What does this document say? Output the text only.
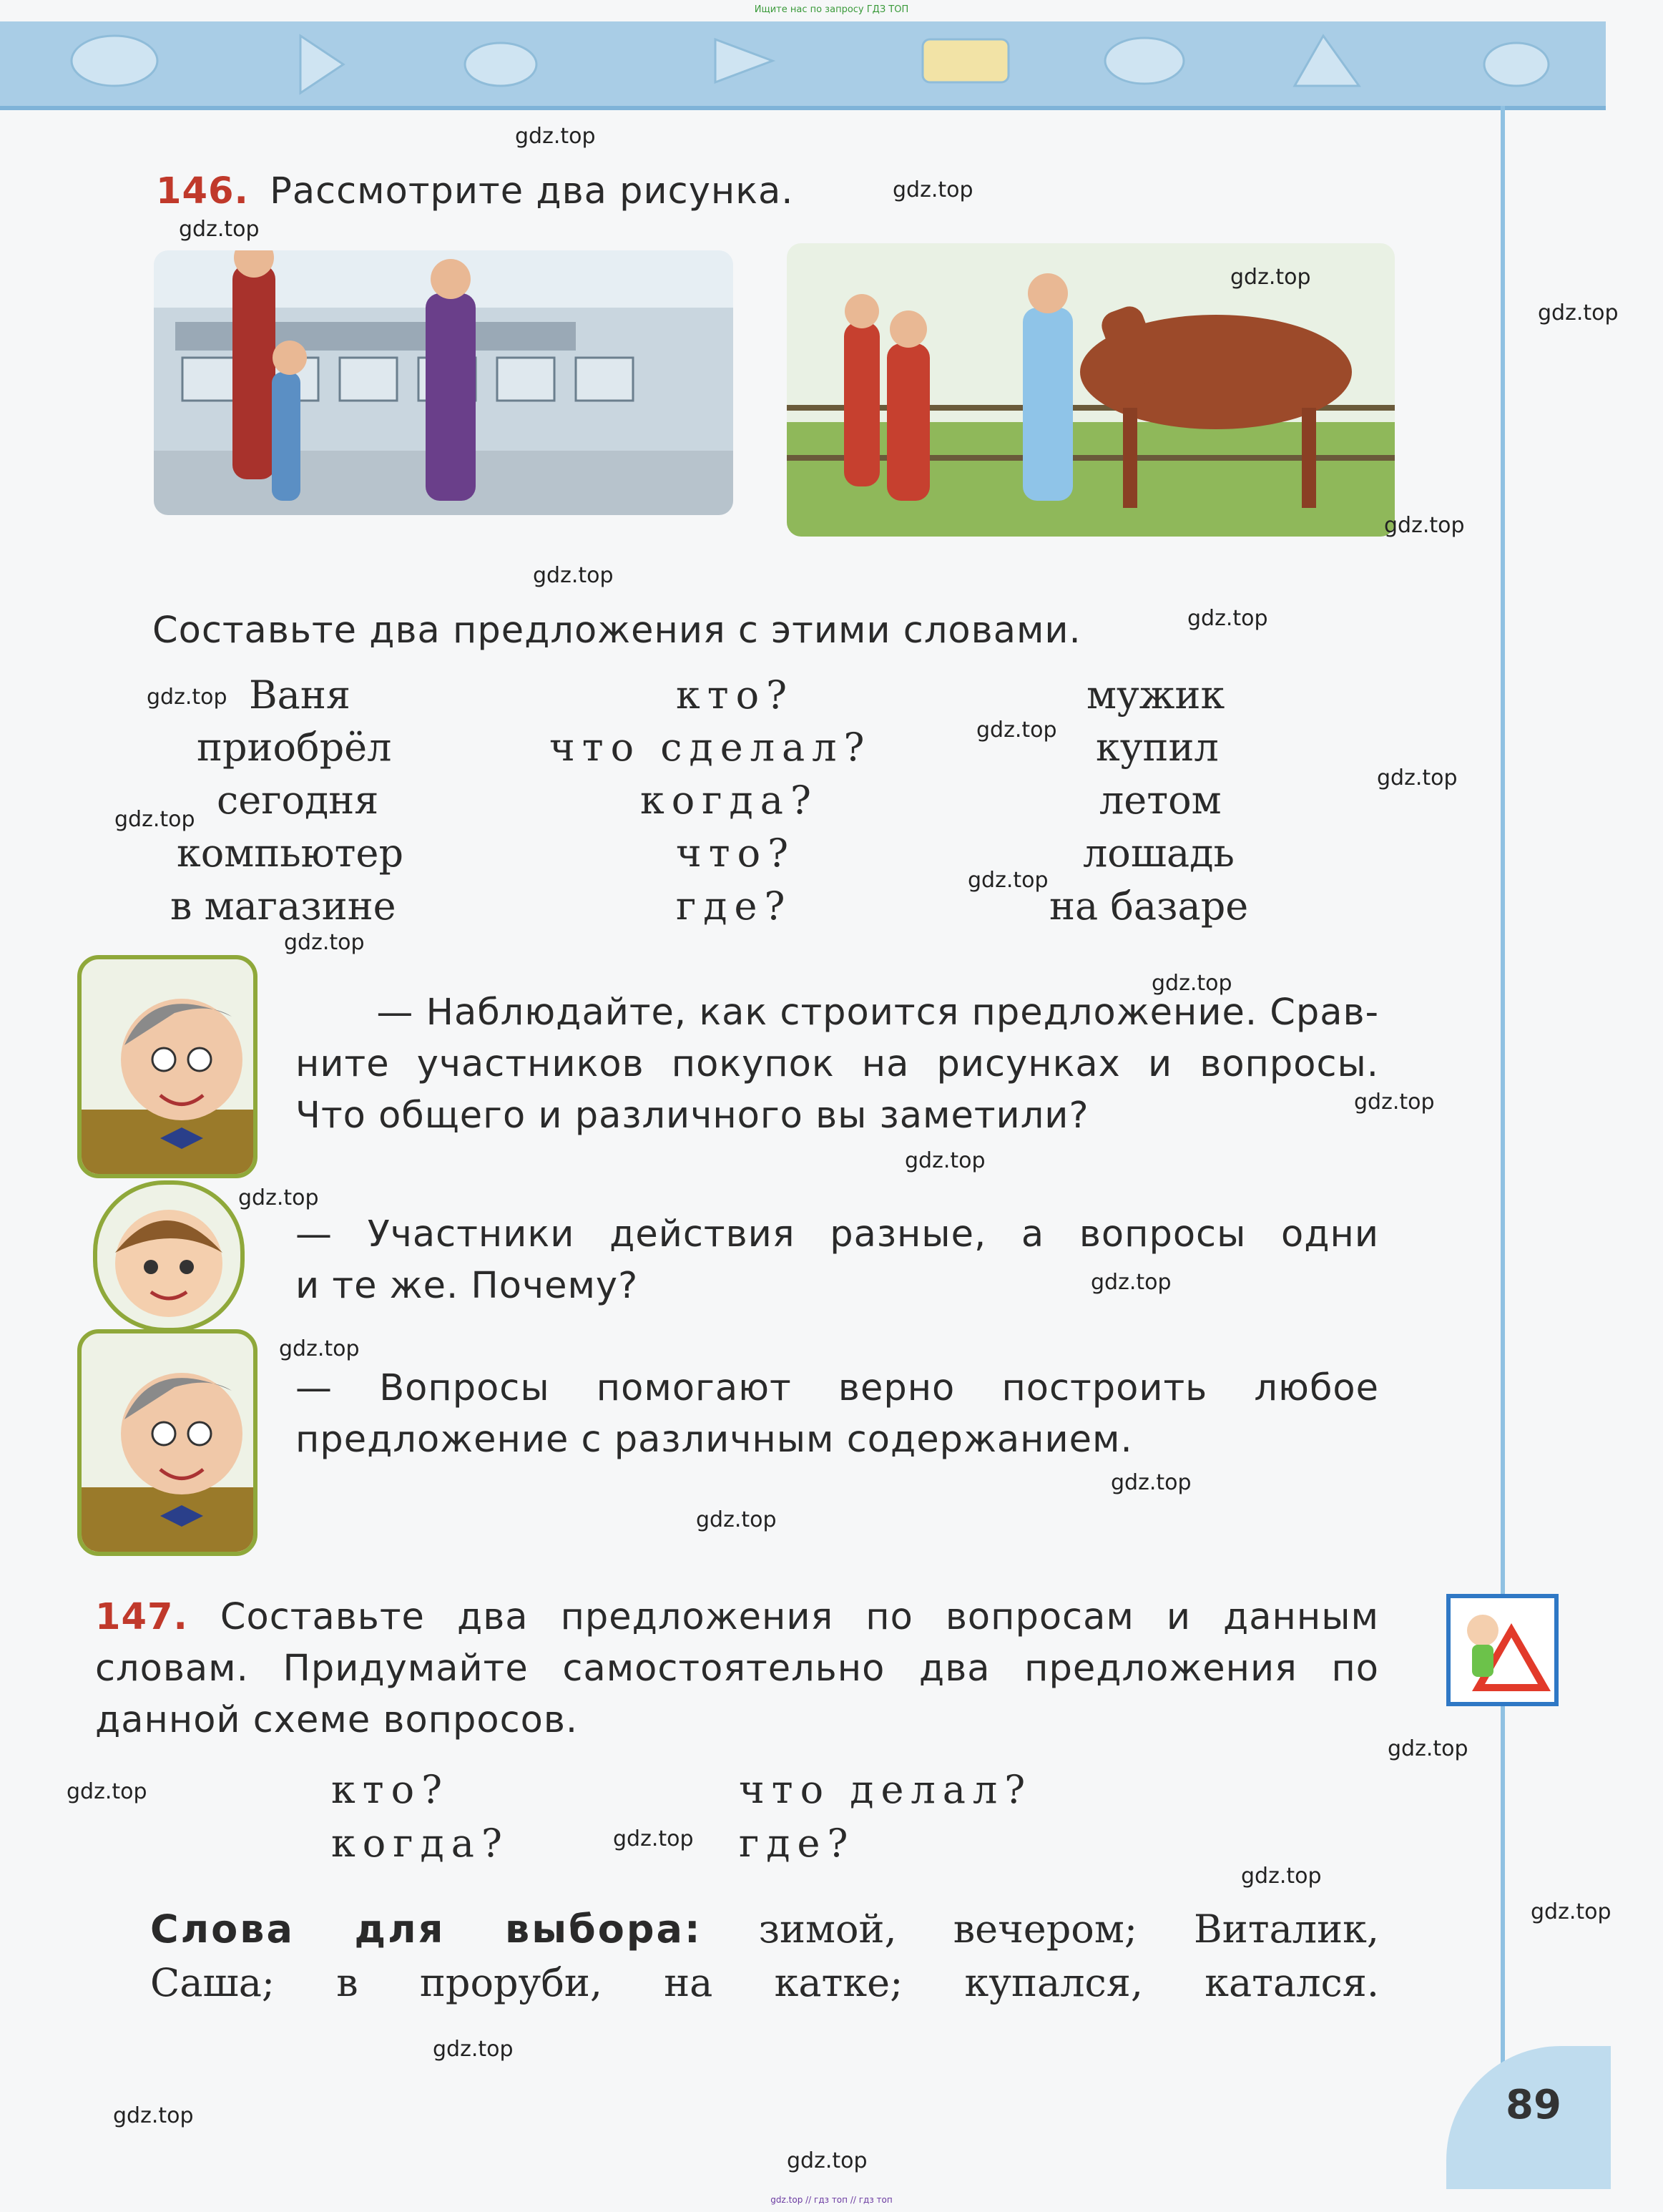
Ищите нас по запросу ГДЗ ТОП
146. Рассмотрите два рисунка.
Составьте два предложения с этими словами.
Ваня
приобрёл
сегодня
компьютер
в магазине
кто?
что сделал?
когда?
что?
где?
мужик
купил
летом
лошадь
на базаре
— Наблюдайте, как строится предложение. Срав-
ните участников покупок на рисунках и вопросы.
Что общего и различного вы заметили?
— Участники действия разные, а вопросы одни
и те же. Почему?
— Вопросы помогают верно построить любое
предложение с различным содержанием.
147. Составьте два предложения по вопросам и данным
словам. Придумайте самостоятельно два предложения по
данной схеме вопросов.
кто?	что делал?
когда?	где?
Слова для выбора: зимой, вечером; Виталик,
Саша; в проруби, на катке; купался, катался.
89
gdz.top
gdz.top
gdz.top
gdz.top
gdz.top
gdz.top
gdz.top
gdz.top
gdz.top
gdz.top
gdz.top
gdz.top
gdz.top
gdz.top
gdz.top
gdz.top
gdz.top
gdz.top
gdz.top
gdz.top
gdz.top
gdz.top
gdz.top
gdz.top
gdz.top
gdz.top
gdz.top
gdz.top
gdz.top
gdz.top
gdz.top // гдз топ // гдз топ
